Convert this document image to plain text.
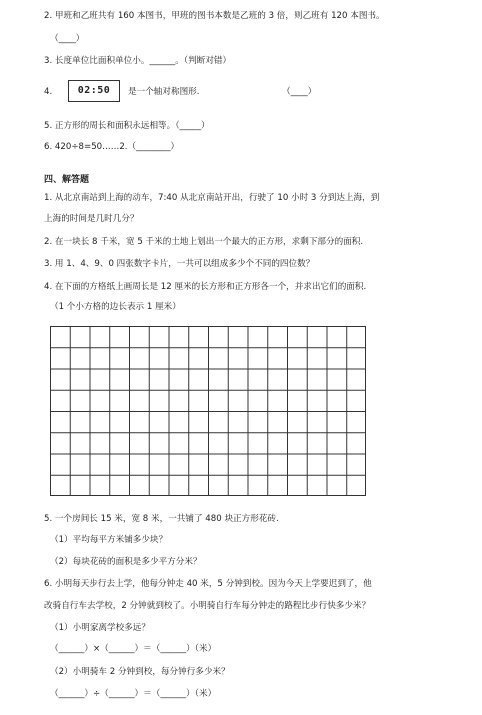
2. 甲班和乙班共有 160 本图书，甲班的图书本数是乙班的 3 倍，则乙班有 120 本图书。
（____）
3. 长度单位比面积单位小。______。（判断对错）
4.	02:50	是一个轴对称图形.	（____）
5. 正方形的周长和面积永远相等。（_____）
6. 420÷8=50……2.（________）
四、解答题
1. 从北京南站到上海的动车，7:40 从北京南站开出，行驶了 10 小时 3 分到达上海，到
上海的时间是几时几分？
2. 在一块长 8 千米，宽 5 千米的土地上划出一个最大的正方形，求剩下部分的面积.
3. 用 1、4、9、0 四张数字卡片，一共可以组成多少个不同的四位数？
4. 在下面的方格纸上画周长是 12 厘米的长方形和正方形各一个，并求出它们的面积.
（1 个小方格的边长表示 1 厘米）
5. 一个房间长 15 米，宽 8 米，一共铺了 480 块正方形花砖.
（1）平均每平方米铺多少块？
（2）每块花砖的面积是多少平方分米？
6. 小明每天步行去上学，他每分钟走 40 米，5 分钟到校。因为今天上学要迟到了，他
改骑自行车去学校，2 分钟就到校了。小明骑自行车每分钟走的路程比步行快多少米？
（1）小明家离学校多远？
（______）×（______）＝（______）（米）
（2）小明骑车 2 分钟到校，每分钟行多少米？
（______）÷（______）＝（______）（米）
